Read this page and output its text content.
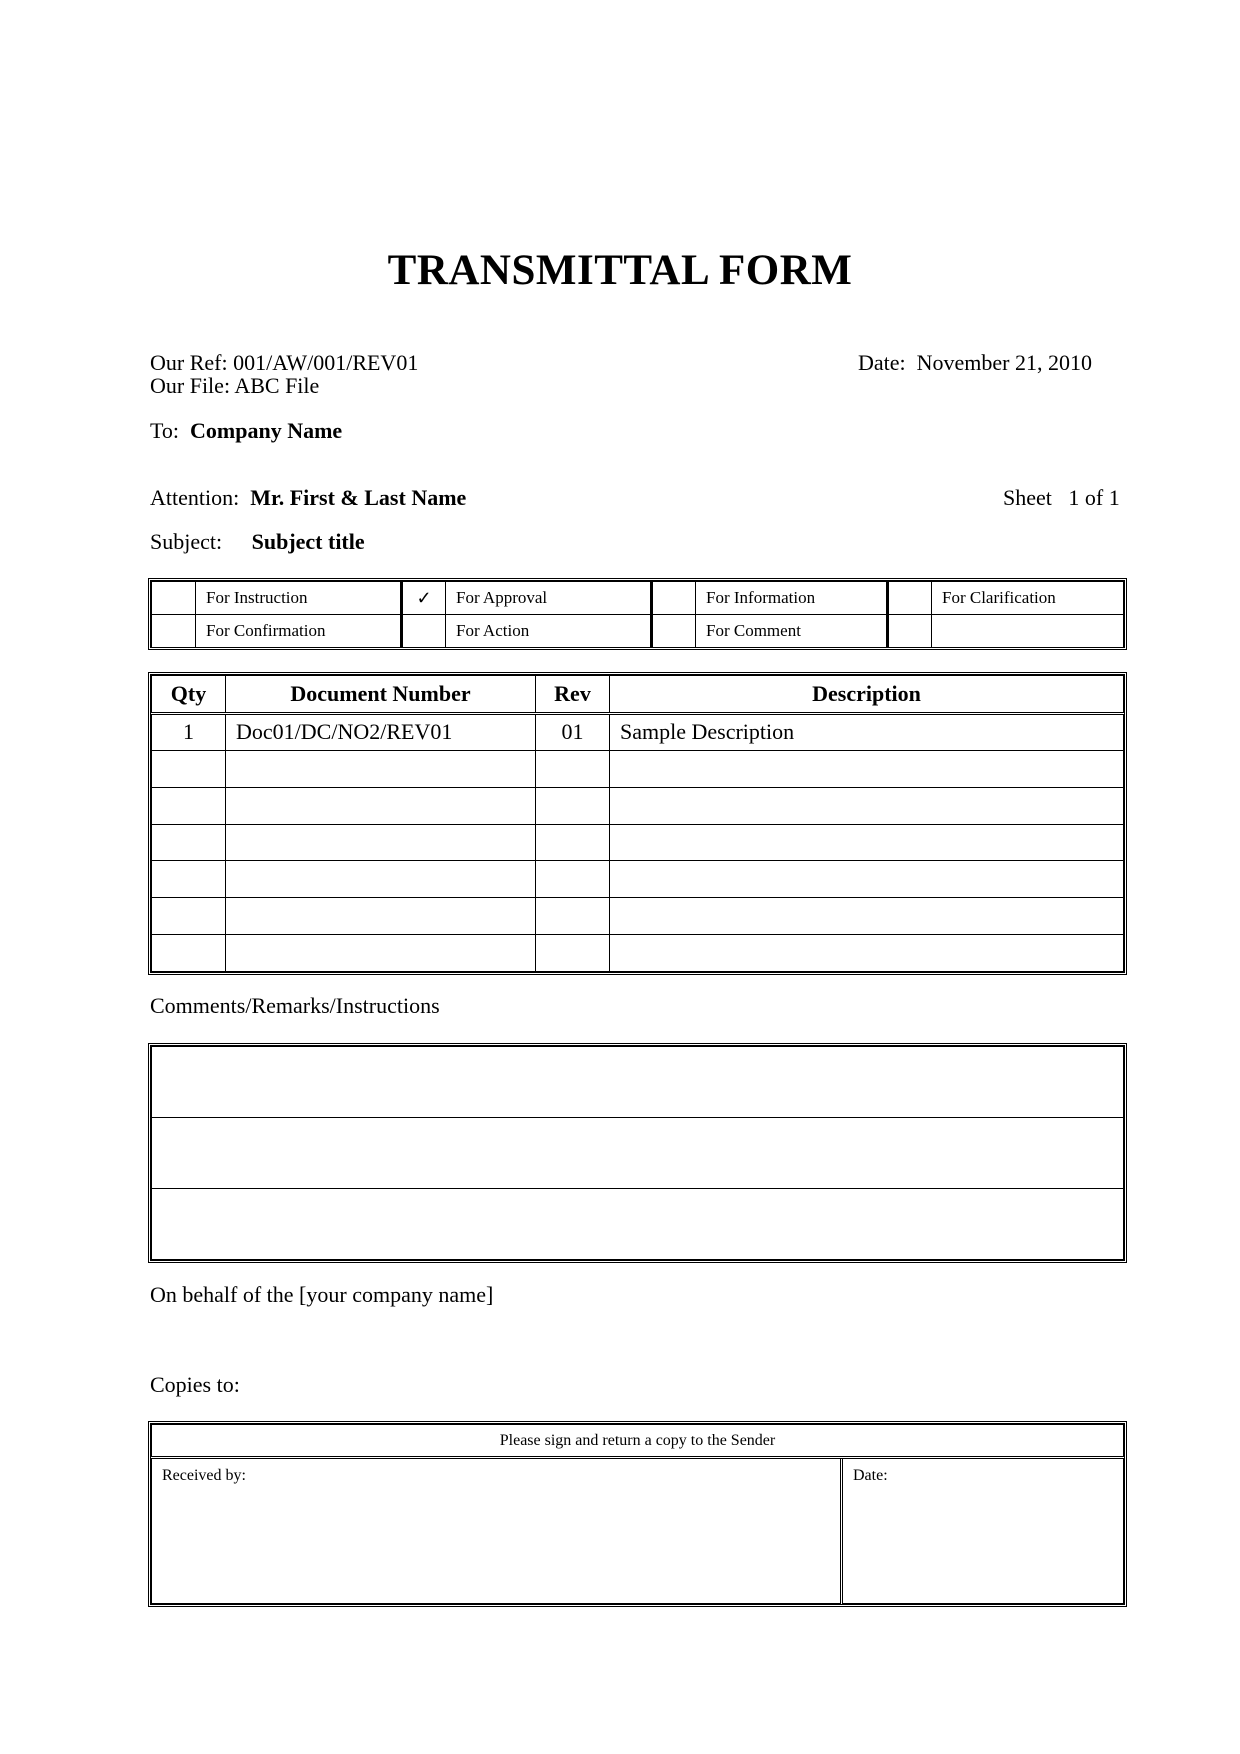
TRANSMITTAL FORM
Our Ref: 001/AW/001/REV01
Our File: ABC File
Date: November 21, 2010
To: Company Name
Attention: Mr. First & Last Name	Sheet   1 of 1
Subject: Subject title
	For Instruction	✓	For Approval		For Information		For Clarification
	For Confirmation		For Action		For Comment		
Qty	Document Number	Rev	Description
1	Doc01/DC/NO2/REV01	01	Sample Description

Comments/Remarks/Instructions

On behalf of the [your company name]
Copies to:
Please sign and return a copy to the Sender
Received by:	Date:
